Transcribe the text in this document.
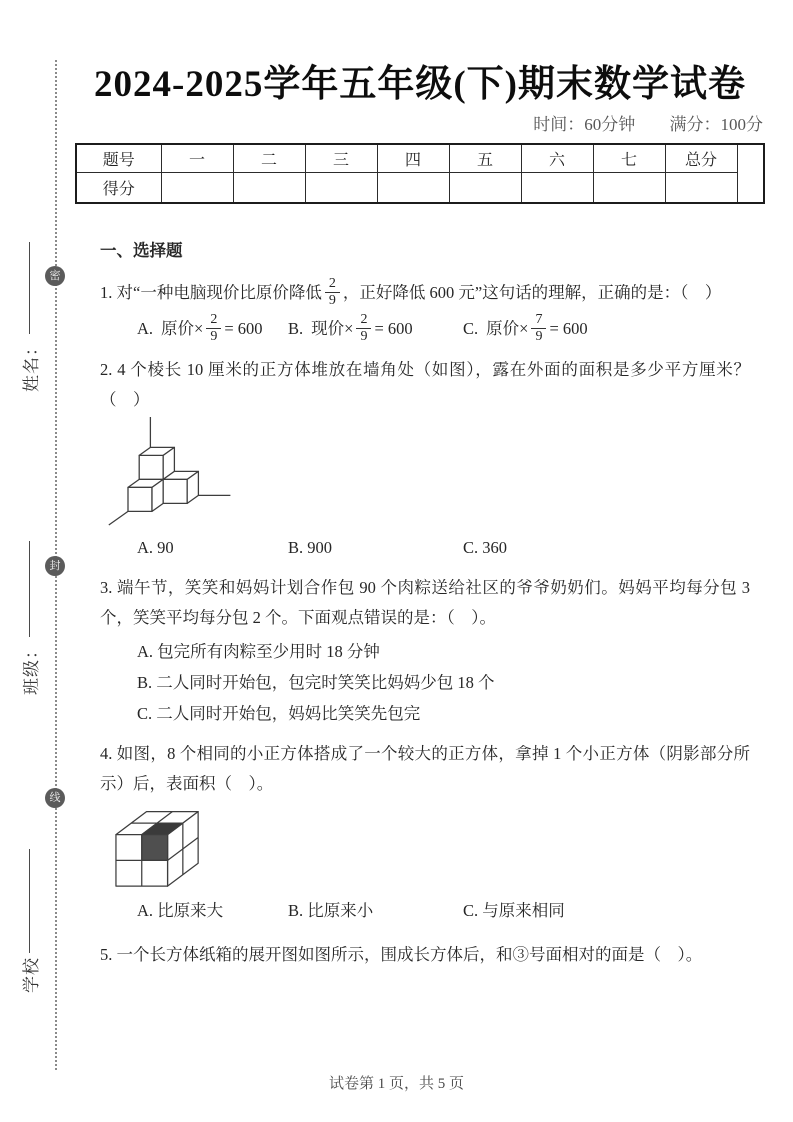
密
封
线
姓名：
班级：
学校
2024-2025学年五年级(下)期末数学试卷
时间：60分钟 满分：100分
题号	一	二	三	四	五	六	七	总分
得分								
一、选择题
1. 对“一种电脑现价比原价降低 $\frac{2}{9}$ ，正好降低 600 元”这句话的理解，正确的是：（　）
A. 原价× $\frac{2}{9} = 600$	B. 现价× $\frac{2}{9} = 600$	C. 原价× $\frac{7}{9} = 600$
2. 4 个棱长 10 厘米的正方体堆放在墙角处（如图），露在外面的面积是多少平方厘米？（　）
A. 90	B. 900	C. 360
3. 端午节，笑笑和妈妈计划合作包 90 个肉粽送给社区的爷爷奶奶们。妈妈平均每分包 3 个，笑笑平均每分包 2 个。下面观点错误的是：（　）。
A. 包完所有肉粽至少用时 18 分钟
B. 二人同时开始包，包完时笑笑比妈妈少包 18 个
C. 二人同时开始包，妈妈比笑笑先包完
4. 如图，8 个相同的小正方体搭成了一个较大的正方体，拿掉 1 个小正方体（阴影部分所示）后，表面积（　）。
A. 比原来大	B. 比原来小	C. 与原来相同
5. 一个长方体纸箱的展开图如图所示，围成长方体后，和③号面相对的面是（　）。
试卷第 1 页，共 5 页
